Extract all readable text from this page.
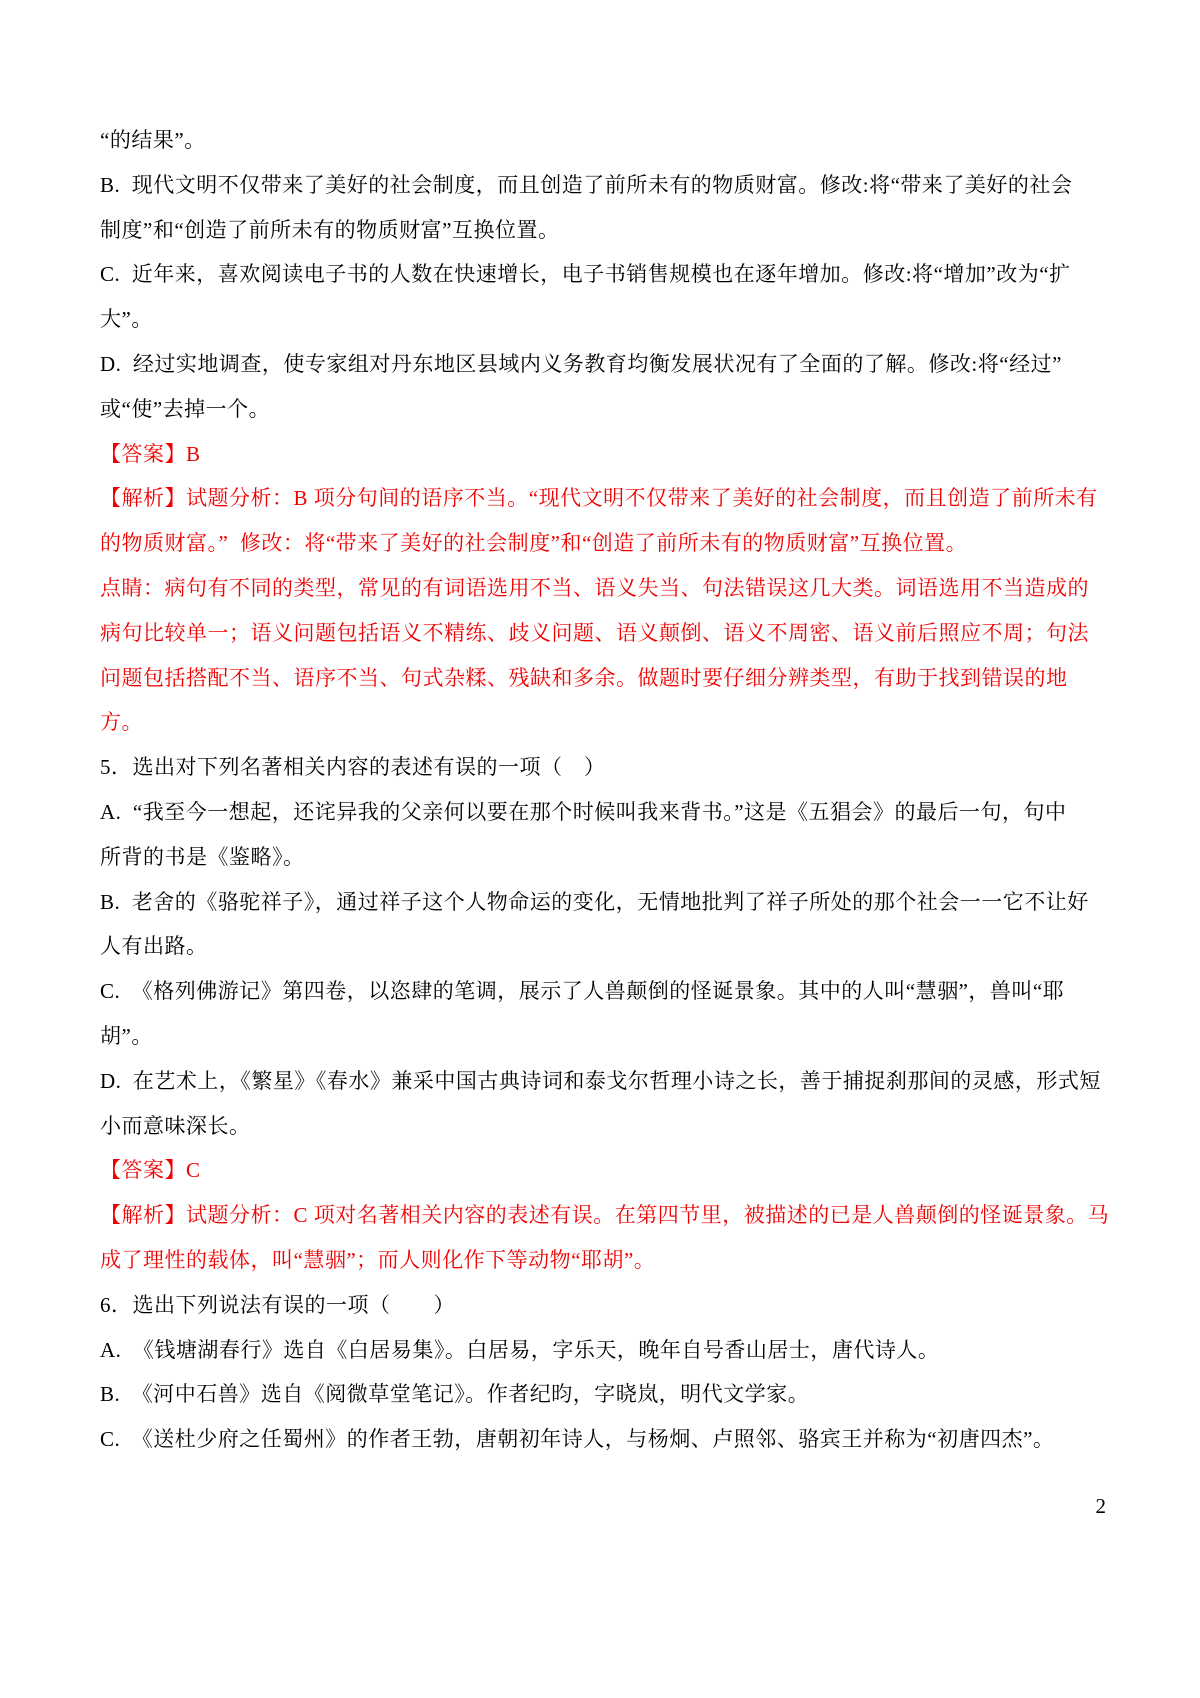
“的结果”。

B.  现代文明不仅带来了美好的社会制度，而且创造了前所未有的物质财富。修改:将“带来了美好的社会

制度”和“创造了前所未有的物质财富”互换位置。

C.  近年来，喜欢阅读电子书的人数在快速增长，电子书销售规模也在逐年增加。修改:将“增加”改为“扩

大”。

D.  经过实地调查，使专家组对丹东地区县域内义务教育均衡发展状况有了全面的了解。修改:将“经过”

或“使”去掉一个。

【答案】B

【解析】试题分析：B 项分句间的语序不当。“现代文明不仅带来了美好的社会制度，而且创造了前所未有

的物质财富。”  修改：将“带来了美好的社会制度”和“创造了前所未有的物质财富”互换位置。

点睛：病句有不同的类型，常见的有词语选用不当、语义失当、句法错误这几大类。词语选用不当造成的

病句比较单一；语义问题包括语义不精练、歧义问题、语义颠倒、语义不周密、语义前后照应不周；句法

问题包括搭配不当、语序不当、句式杂糅、残缺和多余。做题时要仔细分辨类型，有助于找到错误的地方。

5．选出对下列名著相关内容的表述有误的一项（　）

A.  “我至今一想起，还诧异我的父亲何以要在那个时候叫我来背书。”这是《五猖会》的最后一句，句中

所背的书是《鉴略》。

B.  老舍的《骆驼祥子》，通过祥子这个人物命运的变化，无情地批判了祥子所处的那个社会一一它不让好

人有出路。

C.  《格列佛游记》第四卷，以恣肆的笔调，展示了人兽颠倒的怪诞景象。其中的人叫“慧骃”，兽叫“耶

胡”。

D.  在艺术上，《繁星》《春水》兼采中国古典诗词和泰戈尔哲理小诗之长，善于捕捉刹那间的灵感，形式短

小而意味深长。

【答案】C

【解析】试题分析：C 项对名著相关内容的表述有误。在第四节里，被描述的已是人兽颠倒的怪诞景象。马

成了理性的载体，叫“慧骃”；而人则化作下等动物“耶胡”。

6．选出下列说法有误的一项（　　）

A.  《钱塘湖春行》选自《白居易集》。白居易，字乐天，晚年自号香山居士，唐代诗人。

B.  《河中石兽》选自《阅微草堂笔记》。作者纪昀，字晓岚，明代文学家。

C.  《送杜少府之任蜀州》的作者王勃，唐朝初年诗人，与杨炯、卢照邻、骆宾王并称为“初唐四杰”。

2
